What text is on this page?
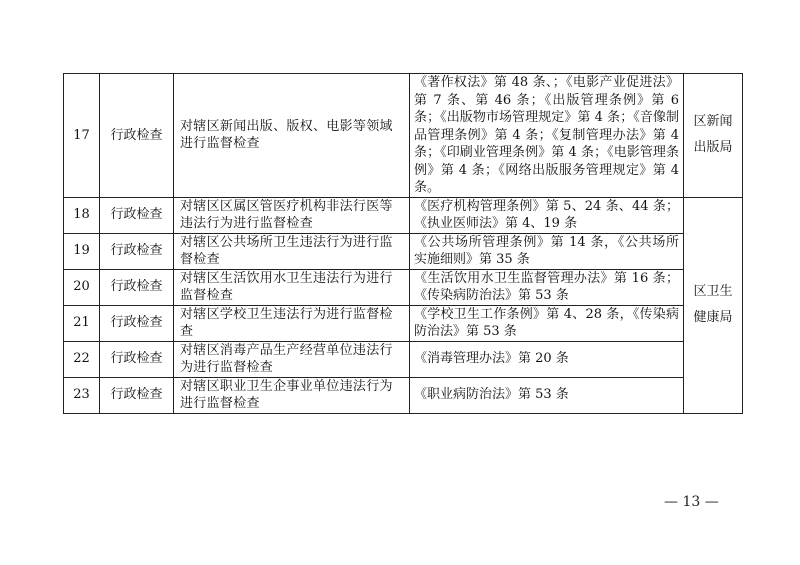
17	行政检查	对辖区新闻出版、版权、电影等领域进行监督检查	《著作权法》第 48 条、；《电影产业促进法》第 7 条、第 46 条；《出版管理条例》第 6 条；《出版物市场管理规定》第 4 条；《音像制品管理条例》第 4 条；《复制管理办法》第 4 条；《印刷业管理条例》第 4 条；《电影管理条例》第 4 条；《网络出版服务管理规定》第 4 条。	区新闻出版局
18	行政检查	对辖区区属区管医疗机构非法行医等违法行为进行监督检查	《医疗机构管理条例》第 5、24 条、44 条；《执业医师法》第 4、19 条	区卫生健康局
19	行政检查	对辖区公共场所卫生违法行为进行监督检查	《公共场所管理条例》第 14 条，《公共场所实施细则》第 35 条	
20	行政检查	对辖区生活饮用水卫生违法行为进行监督检查	《生活饮用水卫生监督管理办法》第 16 条；《传染病防治法》第 53 条	
21	行政检查	对辖区学校卫生违法行为进行监督检查	《学校卫生工作条例》第 4、28 条，《传染病防治法》第 53 条	
22	行政检查	对辖区消毒产品生产经营单位违法行为进行监督检查	《消毒管理办法》第 20 条	
23	行政检查	对辖区职业卫生企事业单位违法行为进行监督检查	《职业病防治法》第 53 条	
— 13 —
